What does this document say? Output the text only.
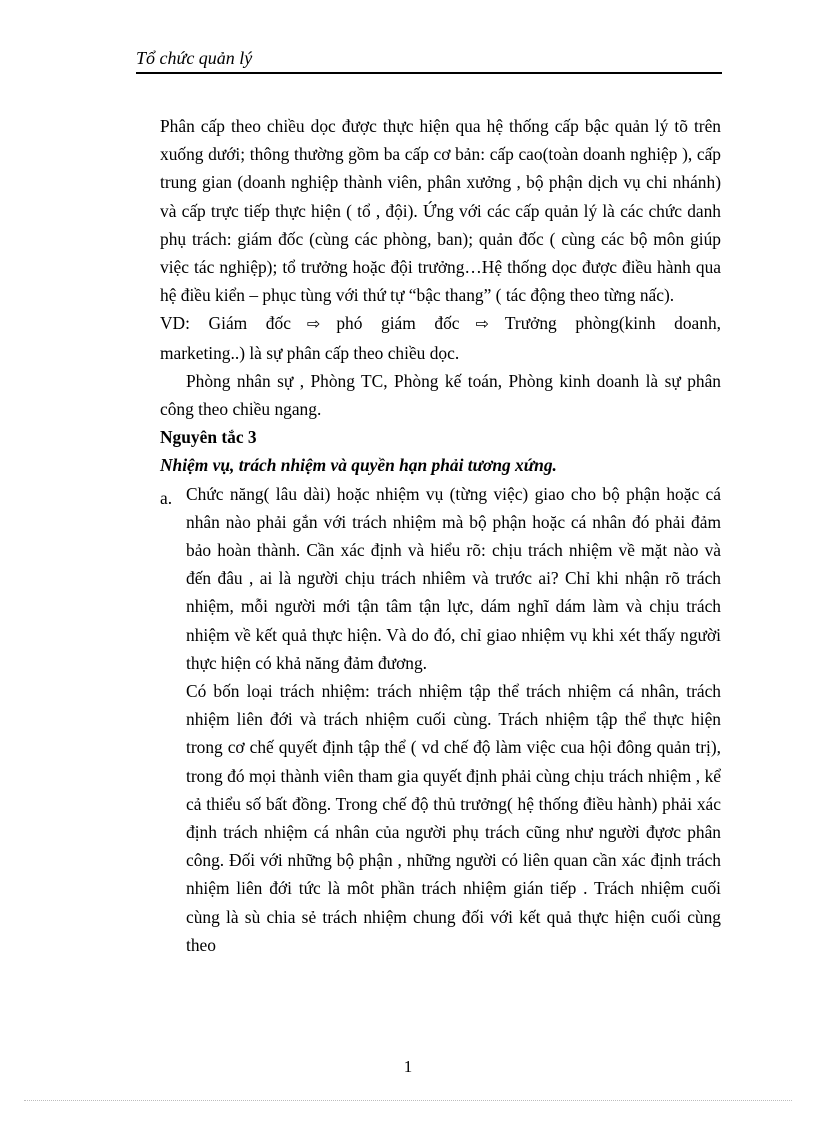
Tổ chức quản lý

Phân cấp theo chiều dọc được thực hiện qua hệ thống cấp bậc quản lý tõ trên xuống dưới; thông thường gồm ba cấp cơ bản: cấp cao(toàn doanh nghiệp ), cấp trung gian (doanh nghiệp thành viên, phân xưởng , bộ phận dịch vụ chi nhánh) và cấp trực tiếp thực hiện ( tổ , đội). Ứng với các cấp quản lý là các chức danh phụ trách: giám đốc (cùng các phòng, ban); quản đốc ( cùng các bộ môn giúp việc tác nghiệp); tổ trưởng hoặc đội trưởng…Hệ thống dọc được điều hành qua hệ điều kiển – phục tùng với thứ tự “bậc thang” ( tác động theo từng nấc).

VD: Giám đốc ⇨ phó giám đốc ⇨ Trưởng phòng(kinh doanh, marketing..) là sự phân cấp theo chiều dọc.

Phòng nhân sự , Phòng TC, Phòng kế toán, Phòng kinh doanh là sự phân công theo chiều ngang.

Nguyên tắc 3

Nhiệm vụ, trách nhiệm và quyền hạn phải tương xứng.

a. Chức năng( lâu dài) hoặc nhiệm vụ (từng việc) giao cho bộ phận hoặc cá nhân nào phải gắn với trách nhiệm mà bộ phận hoặc cá nhân đó phải đảm bảo hoàn thành. Cần xác định và hiểu rõ: chịu trách nhiệm về mặt nào và đến đâu , ai là người chịu trách nhiêm và trước ai? Chỉ khi nhận rõ trách nhiệm, mỗi người mới tận tâm tận lực, dám nghĩ dám làm và chịu trách nhiệm về kết quả thực hiện. Và do đó, chỉ giao nhiệm vụ khi xét thấy người thực hiện có khả năng đảm đương.

Có bốn loại trách nhiệm: trách nhiệm tập thể trách nhiệm cá nhân, trách nhiệm liên đới và trách nhiệm cuối cùng. Trách nhiệm tập thể thực hiện trong cơ chế quyết định tập thể ( vd chế độ làm việc cua hội đông quản trị), trong đó mọi thành viên tham gia quyết định phải cùng chịu trách nhiệm , kể cả thiểu số bất đồng. Trong chế độ thủ trưởng( hệ thống điều hành) phải xác định trách nhiệm cá nhân của người phụ trách cũng như người đựơc phân công. Đối với những bộ phận , những người có liên quan cần xác định trách nhiệm liên đới tức là môt phần trách nhiệm gián tiếp . Trách nhiệm cuối cùng là sù chia sẻ trách nhiệm chung đối với kết quả thực hiện cuối cùng theo

1
